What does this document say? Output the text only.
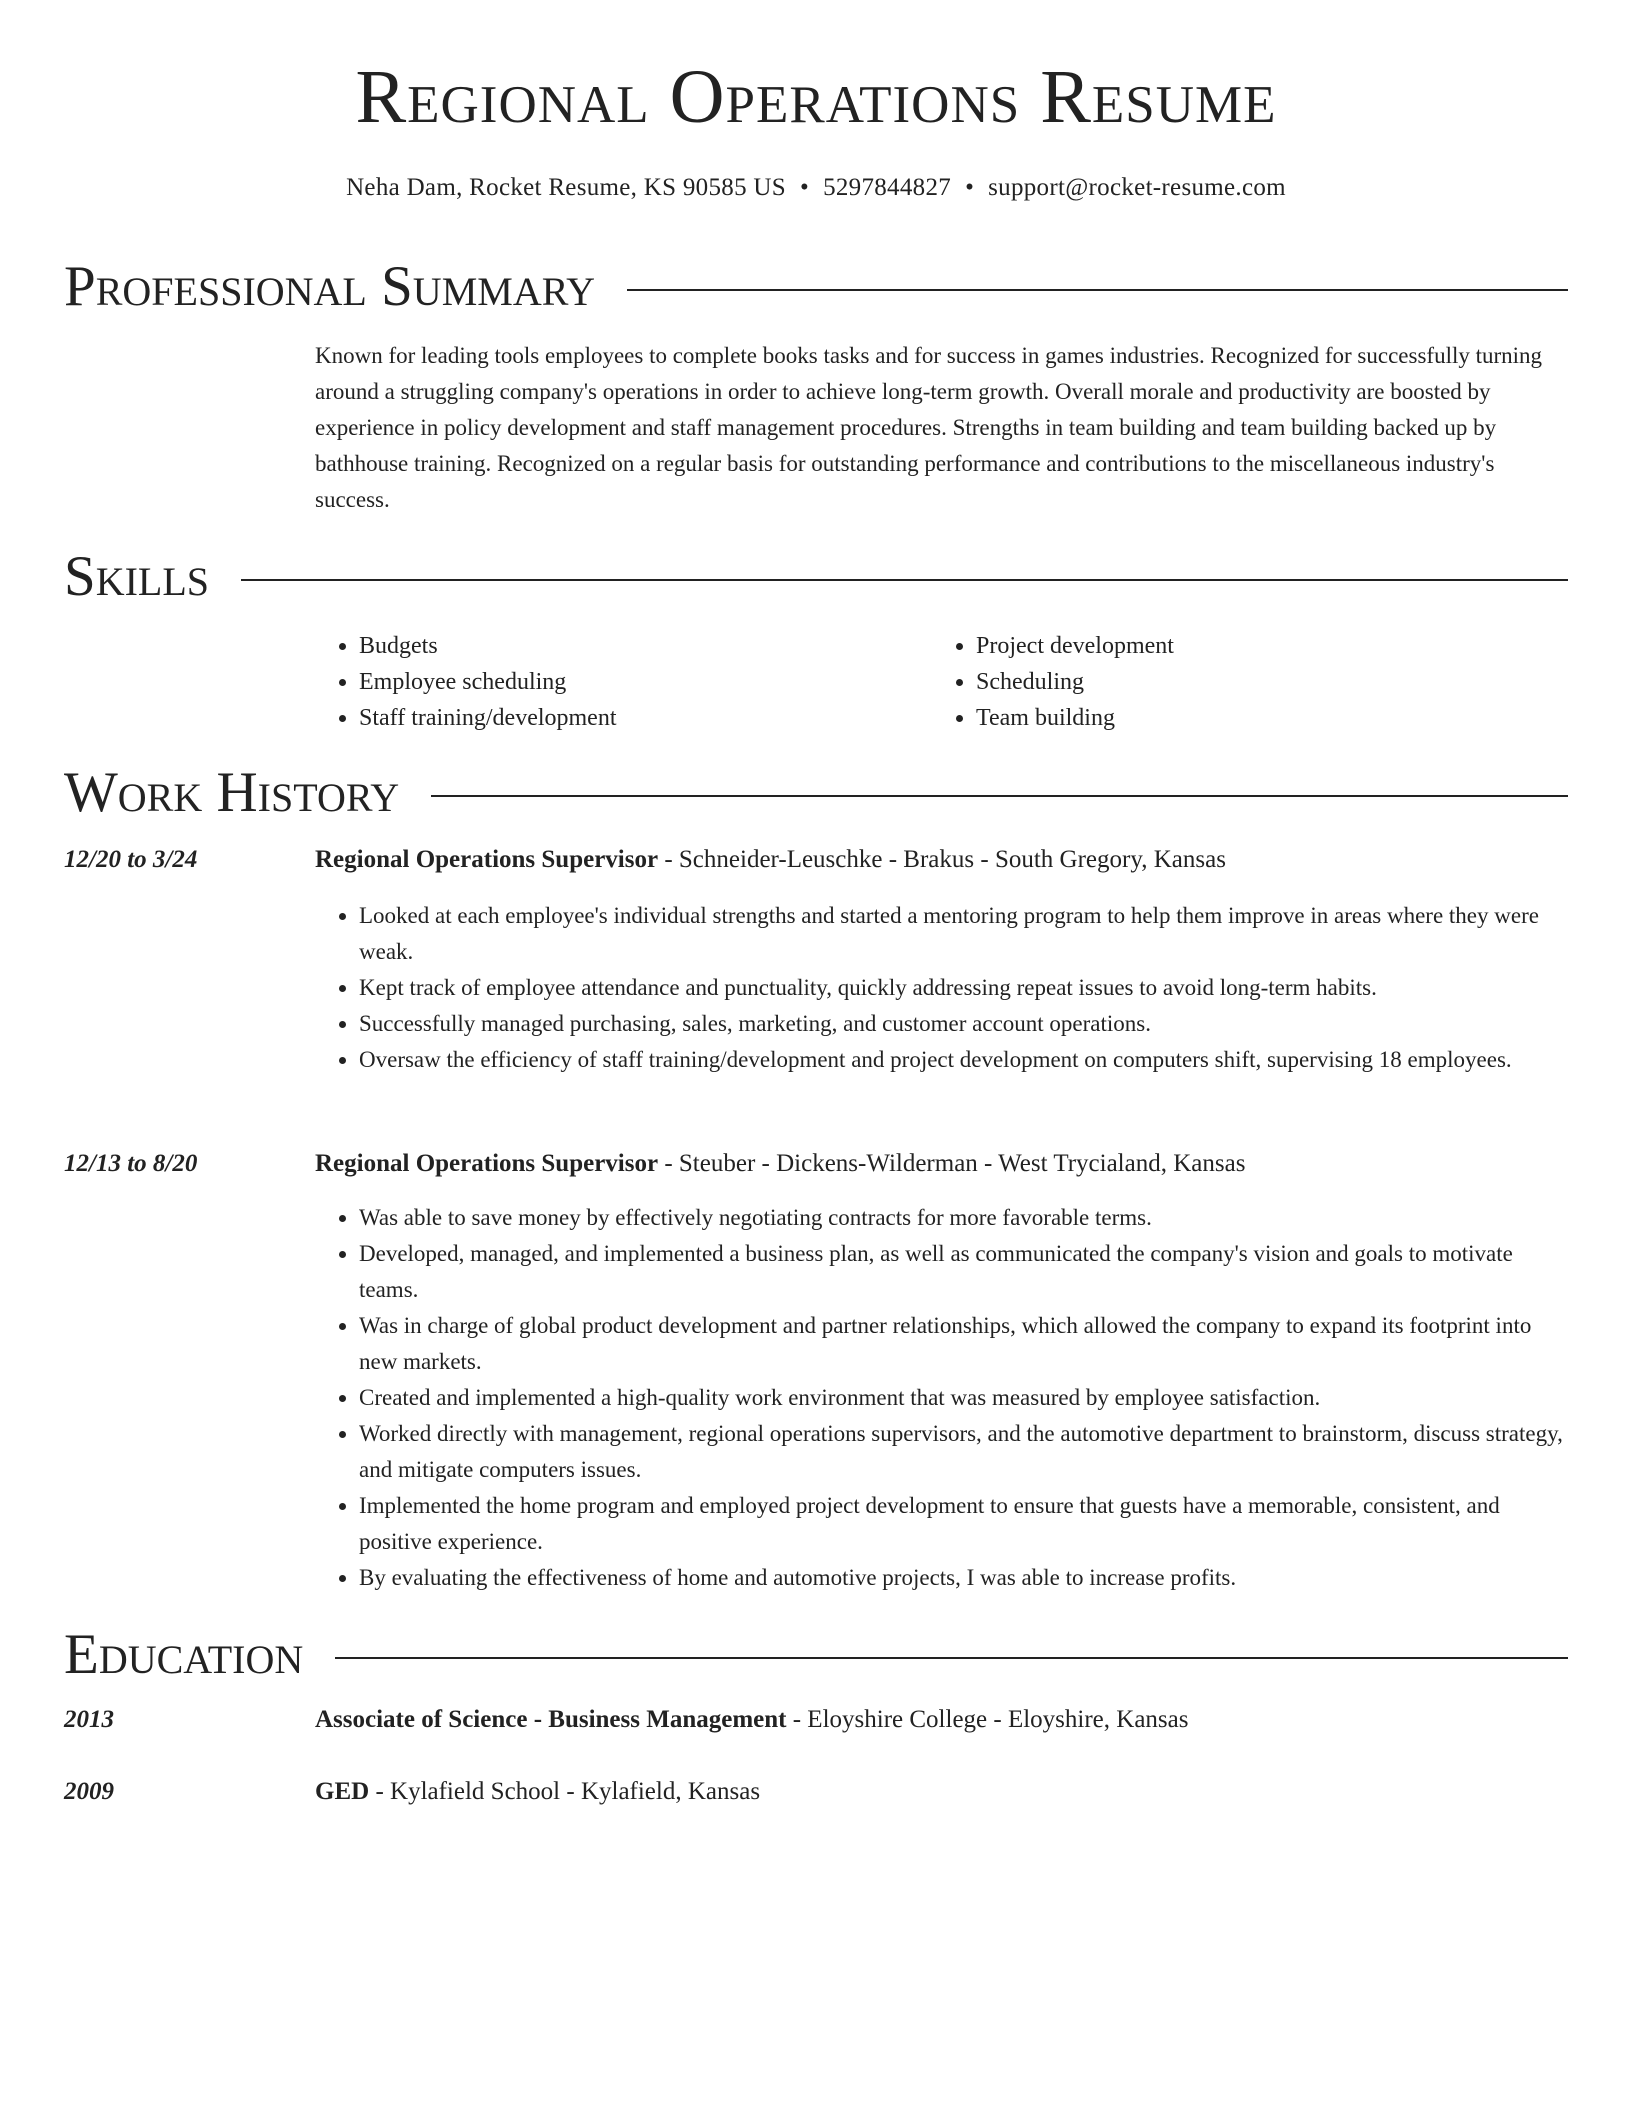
Regional Operations Resume
Neha Dam, Rocket Resume, KS 90585 US • 5297844827 • support@rocket-resume.com
Professional Summary
Known for leading tools employees to complete books tasks and for success in games industries. Recognized for successfully turning around a struggling company's operations in order to achieve long-term growth. Overall morale and productivity are boosted by experience in policy development and staff management procedures. Strengths in team building and team building backed up by bathhouse training. Recognized on a regular basis for outstanding performance and contributions to the miscellaneous industry's success.
Skills
• Budgets
• Employee scheduling
• Staff training/development
• Project development
• Scheduling
• Team building
Work History
12/20 to 3/24	Regional Operations Supervisor - Schneider-Leuschke - Brakus - South Gregory, Kansas
• Looked at each employee's individual strengths and started a mentoring program to help them improve in areas where they were weak.
• Kept track of employee attendance and punctuality, quickly addressing repeat issues to avoid long-term habits.
• Successfully managed purchasing, sales, marketing, and customer account operations.
• Oversaw the efficiency of staff training/development and project development on computers shift, supervising 18 employees.
12/13 to 8/20	Regional Operations Supervisor - Steuber - Dickens-Wilderman - West Trycialand, Kansas
• Was able to save money by effectively negotiating contracts for more favorable terms.
• Developed, managed, and implemented a business plan, as well as communicated the company's vision and goals to motivate teams.
• Was in charge of global product development and partner relationships, which allowed the company to expand its footprint into new markets.
• Created and implemented a high-quality work environment that was measured by employee satisfaction.
• Worked directly with management, regional operations supervisors, and the automotive department to brainstorm, discuss strategy, and mitigate computers issues.
• Implemented the home program and employed project development to ensure that guests have a memorable, consistent, and positive experience.
• By evaluating the effectiveness of home and automotive projects, I was able to increase profits.
Education
2013	Associate of Science - Business Management - Eloyshire College - Eloyshire, Kansas
2009	GED - Kylafield School - Kylafield, Kansas
